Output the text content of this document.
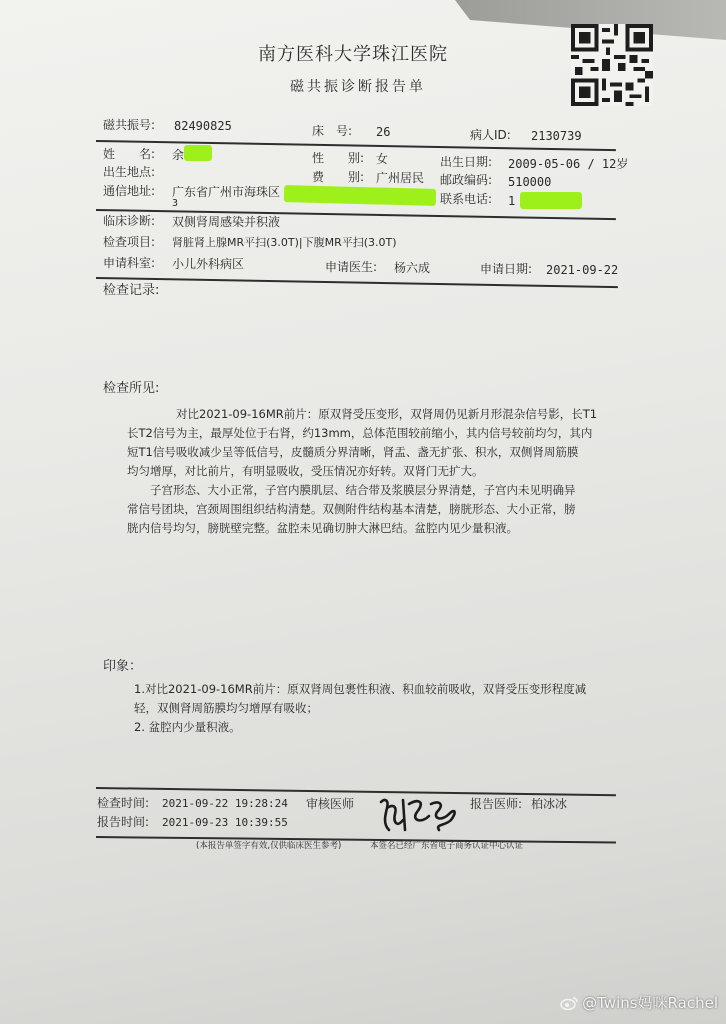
南方医科大学珠江医院
磁共振诊断报告单
磁共振号: 82490825	床　号: 26	病人ID: 2130739
姓　　名: 余	性　　别: 女	出生日期: 2009-05-06 / 12岁
出生地点:	费　　别: 广州居民 邮政编码: 510000
通信地址: 广东省广州市海珠区
3	联系电话: 1
临床诊断: 双侧肾周感染并积液
检查项目: 肾脏肾上腺MR平扫(3.0T)|下腹MR平扫(3.0T)
申请科室: 小儿外科病区	申请医生: 杨六成	申请日期: 2021-09-22
检查记录:
检查所见:
对比2021-09-16MR前片：原双肾受压变形，双肾周仍见新月形混杂信号影，长T1
长T2信号为主，最厚处位于右肾，约13mm，总体范围较前缩小，其内信号较前均匀，其内
短T1信号吸收减少呈等低信号，皮髓质分界清晰，肾盂、盏无扩张、积水，双侧肾周筋膜
均匀增厚，对比前片，有明显吸收，受压情况亦好转。双肾门无扩大。
子宫形态、大小正常，子宫内膜肌层、结合带及浆膜层分界清楚，子宫内未见明确异
常信号团块，宫颈周围组织结构清楚。双侧附件结构基本清楚，膀胱形态、大小正常，膀
胱内信号均匀，膀胱壁完整。盆腔未见确切肿大淋巴结。盆腔内见少量积液。
印象：
1.对比2021-09-16MR前片：原双肾周包裹性积液、积血较前吸收，双肾受压变形程度减
轻，双侧肾周筋膜均匀增厚有吸收；
2. 盆腔内少量积液。
检查时间: 2021-09-22 19:28:24 审核医师	报告医师: 柏冰冰
报告时间: 2021-09-23 10:39:55
(本报告单签字有效,仅供临床医生参考)	本签名已经广东省电子商务认证中心认证
@Twins妈咪Rachel
